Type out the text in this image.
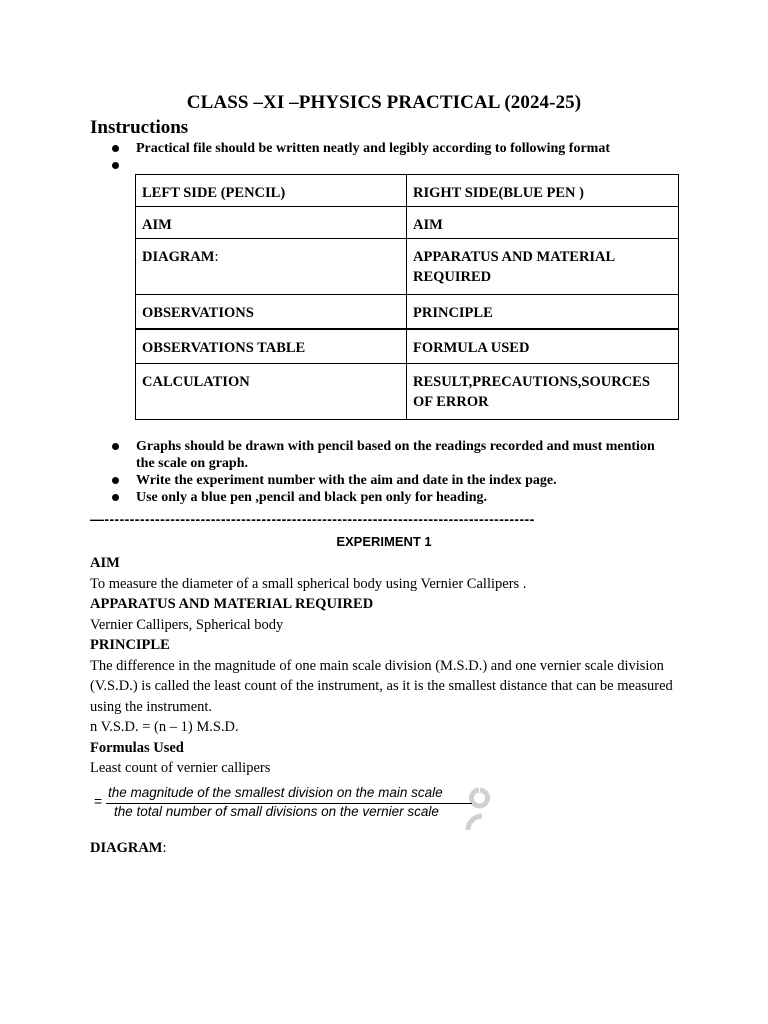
CLASS –XI –PHYSICS PRACTICAL (2024-25)
Instructions
Practical file should be written neatly and legibly according to following format
LEFT SIDE (PENCIL)	RIGHT SIDE(BLUE PEN )
AIM	AIM
DIAGRAM:	APPARATUS AND MATERIAL REQUIRED
OBSERVATIONS	PRINCIPLE
OBSERVATIONS TABLE	FORMULA USED
CALCULATION	RESULT,PRECAUTIONS,SOURCES OF ERROR
Graphs should be drawn with pencil based on the readings recorded and must mention the scale on graph.
Write the experiment number with the aim and date in the index page.
Use only a blue pen ,pencil and black pen only for heading.
—-------------------------------------------------------------------------------------
EXPERIMENT 1
AIM
To measure the diameter of a small spherical body using Vernier Callipers .
APPARATUS AND MATERIAL REQUIRED
Vernier Callipers, Spherical body
PRINCIPLE
The difference in the magnitude of one main scale division (M.S.D.) and one vernier scale division (V.S.D.) is called the least count of the instrument, as it is the smallest distance that can be measured using the instrument.
n V.S.D. = (n – 1) M.S.D.
Formulas Used
Least count of vernier callipers
=
the magnitude of the smallest division on the main scale
the total number of small divisions on the vernier scale
DIAGRAM:
